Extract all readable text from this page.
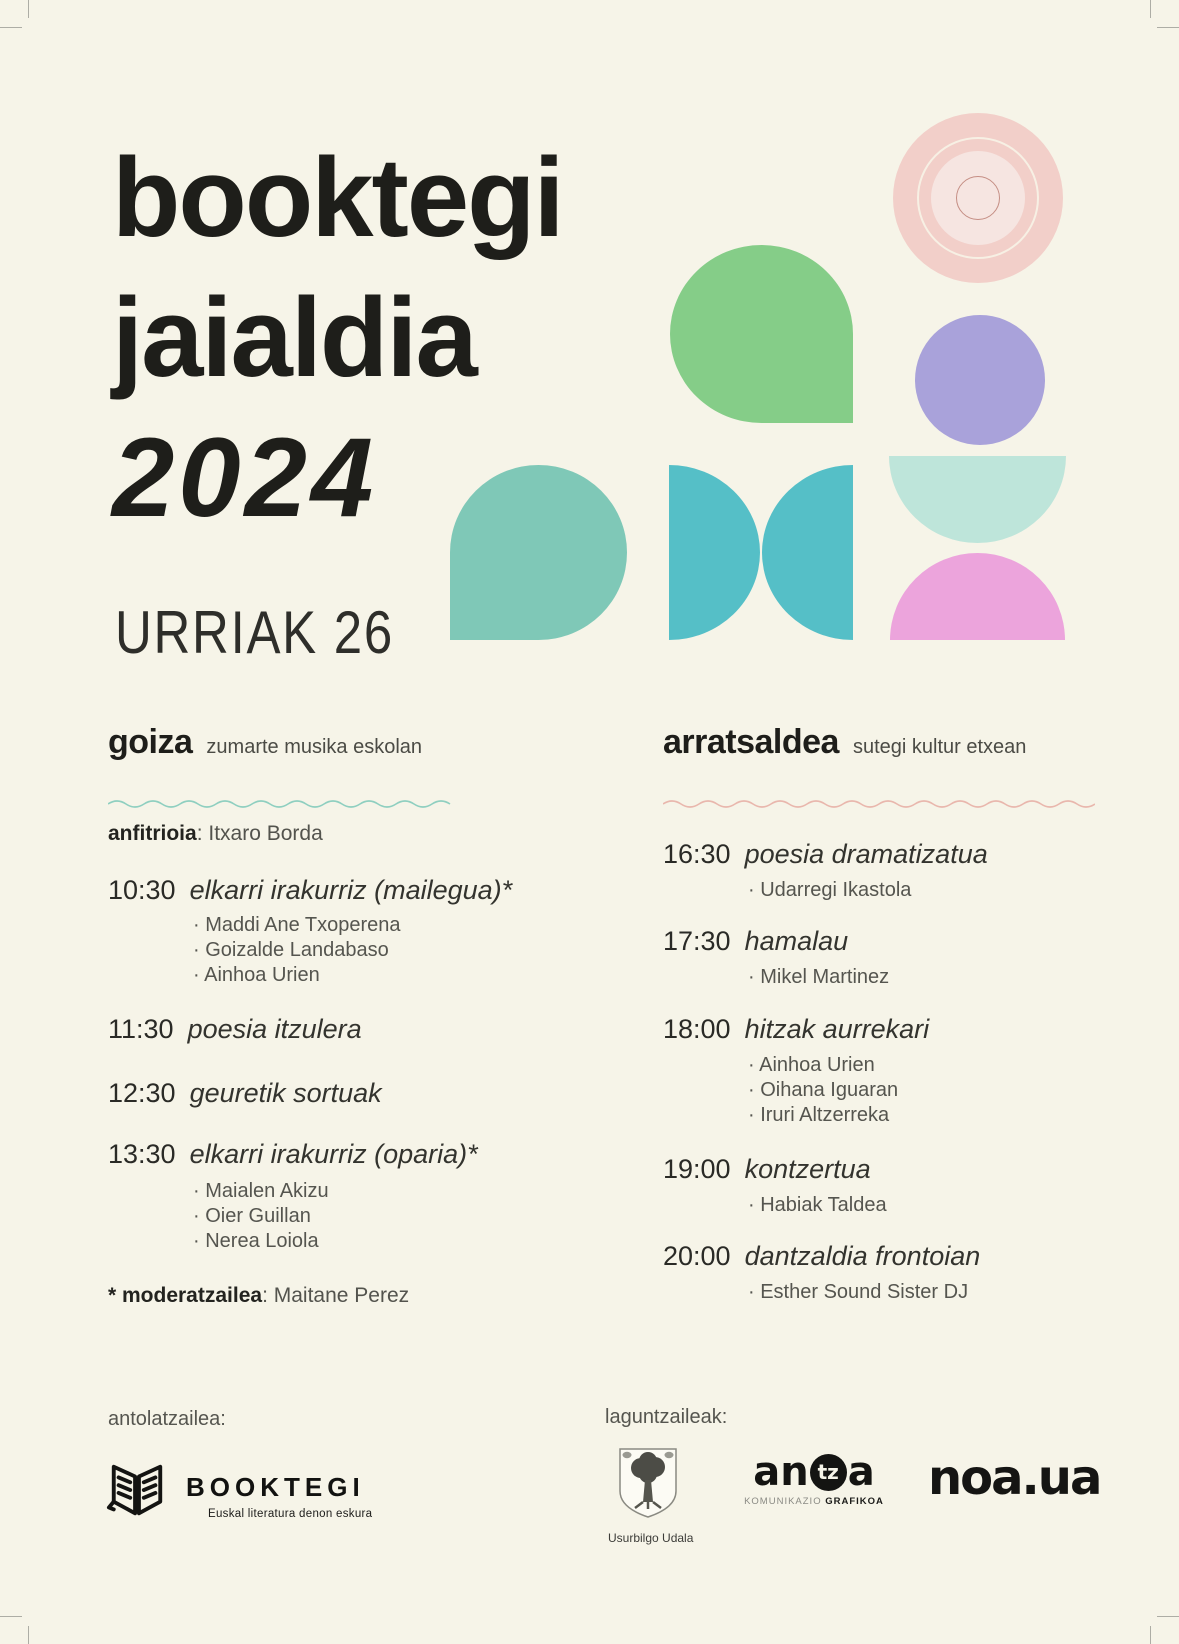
booktegi
jaialdia
2024
URRIAK 26
goiza zumarte musika eskolan
anfitrioia: Itxaro Borda
10:30 elkarri irakurriz (mailegua)*
· Maddi Ane Txoperena
· Goizalde Landabaso
· Ainhoa Urien
11:30 poesia itzulera
12:30 geuretik sortuak
13:30 elkarri irakurriz (oparia)*
· Maialen Akizu
· Oier Guillan
· Nerea Loiola
* moderatzailea: Maitane Perez
arratsaldea sutegi kultur etxean
16:30 poesia dramatizatua
· Udarregi Ikastola
17:30 hamalau
· Mikel Martinez
18:00 hitzak aurrekari
· Ainhoa Urien
· Oihana Iguaran
· Iruri Altzerreka
19:00 kontzertua
· Habiak Taldea
20:00 dantzaldia frontoian
· Esther Sound Sister DJ
antolatzailea:	laguntzaileak:
BOOKTEGI
Euskal literatura denon eskura
Usurbilgo Udala
an tz a
KOMUNIKAZIO GRAFIKOA noa.ua
